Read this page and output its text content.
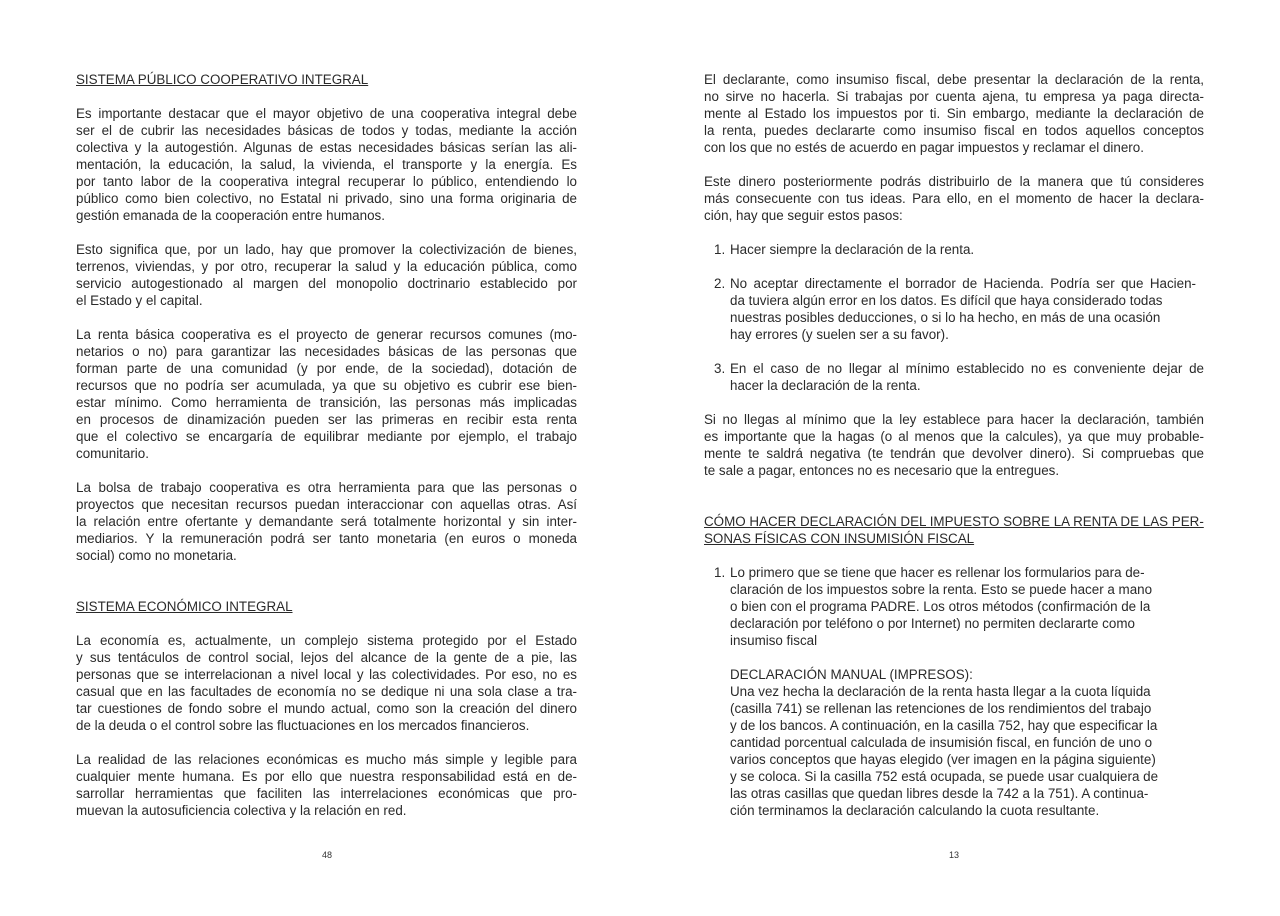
SISTEMA PÚBLICO COOPERATIVO INTEGRAL
Es importante destacar que el mayor objetivo de una cooperativa integral debe
ser el de cubrir las necesidades básicas de todos y todas, mediante la acción
colectiva y la autogestión. Algunas de estas necesidades básicas serían las ali-
mentación, la educación, la salud, la vivienda, el transporte y la energía. Es
por tanto labor de la cooperativa integral recuperar lo público, entendiendo lo
público como bien colectivo, no Estatal ni privado, sino una forma originaria de
gestión emanada de la cooperación entre humanos.
Esto significa que, por un lado, hay que promover la colectivización de bienes,
terrenos, viviendas, y por otro, recuperar la salud y la educación pública, como
servicio autogestionado al margen del monopolio doctrinario establecido por
el Estado y el capital.
La renta básica cooperativa es el proyecto de generar recursos comunes (mo-
netarios o no) para garantizar las necesidades básicas de las personas que
forman parte de una comunidad (y por ende, de la sociedad), dotación de
recursos que no podría ser acumulada, ya que su objetivo es cubrir ese bien-
estar mínimo. Como herramienta de transición, las personas más implicadas
en procesos de dinamización pueden ser las primeras en recibir esta renta
que el colectivo se encargaría de equilibrar mediante por ejemplo, el trabajo
comunitario.
La bolsa de trabajo cooperativa es otra herramienta para que las personas o
proyectos que necesitan recursos puedan interaccionar con aquellas otras. Así
la relación entre ofertante y demandante será totalmente horizontal y sin inter-
mediarios. Y la remuneración podrá ser tanto monetaria (en euros o moneda
social) como no monetaria.
SISTEMA ECONÓMICO INTEGRAL
La economía es, actualmente, un complejo sistema protegido por el Estado
y sus tentáculos de control social, lejos del alcance de la gente de a pie, las
personas que se interrelacionan a nivel local y las colectividades. Por eso, no es
casual que en las facultades de economía no se dedique ni una sola clase a tra-
tar cuestiones de fondo sobre el mundo actual, como son la creación del dinero
de la deuda o el control sobre las fluctuaciones en los mercados financieros.
La realidad de las relaciones económicas es mucho más simple y legible para
cualquier mente humana. Es por ello que nuestra responsabilidad está en de-
sarrollar herramientas que faciliten las interrelaciones económicas que pro-
muevan la autosuficiencia colectiva y la relación en red.
48
El declarante, como insumiso fiscal, debe presentar la declaración de la renta,
no sirve no hacerla. Si trabajas por cuenta ajena, tu empresa ya paga directa-
mente al Estado los impuestos por ti. Sin embargo, mediante la declaración de
la renta, puedes declararte como insumiso fiscal en todos aquellos conceptos
con los que no estés de acuerdo en pagar impuestos y reclamar el dinero.
Este dinero posteriormente podrás distribuirlo de la manera que tú consideres
más consecuente con tus ideas. Para ello, en el momento de hacer la declara-
ción, hay que seguir estos pasos:
1. Hacer siempre la declaración de la renta.
2. No aceptar directamente el borrador de Hacienda. Podría ser que Hacien-
da tuviera algún error en los datos. Es difícil que haya considerado todas
nuestras posibles deducciones, o si lo ha hecho, en más de una ocasión
hay errores (y suelen ser a su favor).
3. En el caso de no llegar al mínimo establecido no es conveniente dejar de
hacer la declaración de la renta.
Si no llegas al mínimo que la ley establece para hacer la declaración, también
es importante que la hagas (o al menos que la calcules), ya que muy probable-
mente te saldrá negativa (te tendrán que devolver dinero). Si compruebas que
te sale a pagar, entonces no es necesario que la entregues.
CÓMO HACER DECLARACIÓN DEL IMPUESTO SOBRE LA RENTA DE LAS PER-
SONAS FÍSICAS CON INSUMISIÓN FISCAL
1. Lo primero que se tiene que hacer es rellenar los formularios para de-
claración de los impuestos sobre la renta. Esto se puede hacer a mano
o bien con el programa PADRE. Los otros métodos (confirmación de la
declaración por teléfono o por Internet) no permiten declararte como
insumiso fiscal
DECLARACIÓN MANUAL (IMPRESOS):
Una vez hecha la declaración de la renta hasta llegar a la cuota líquida
(casilla 741) se rellenan las retenciones de los rendimientos del trabajo
y de los bancos. A continuación, en la casilla 752, hay que especificar la
cantidad porcentual calculada de insumisión fiscal, en función de uno o
varios conceptos que hayas elegido (ver imagen en la página siguiente)
y se coloca. Si la casilla 752 está ocupada, se puede usar cualquiera de
las otras casillas que quedan libres desde la 742 a la 751). A continua-
ción terminamos la declaración calculando la cuota resultante.
13
